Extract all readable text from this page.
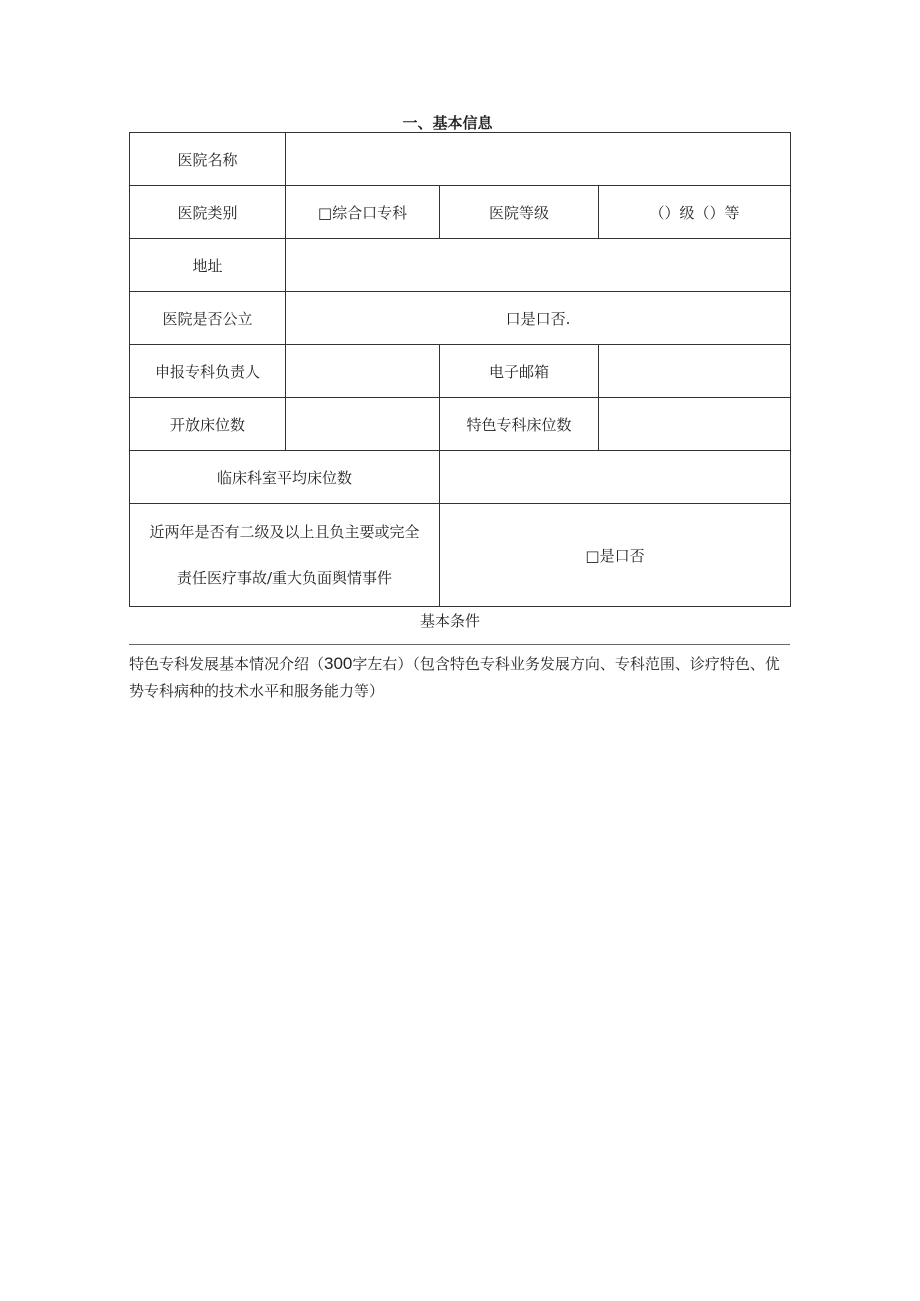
一、基本信息
医院名称			
医院类别	□综合口专科	医院等级	（）级（）等
地址			
医院是否公立	口是口否.		
申报专科负责人		电子邮箱	
开放床位数		特色专科床位数	
临床科室平均床位数			

近两年是否有二级及以上且负主要或完全
责任医疗事故/重大负面舆情事件		□是口否	
基本条件
特色专科发展基本情况介绍（300字左右）（包含特色专科业务发展方向、专科范围、诊疗特色、优势专科病种的技术水平和服务能力等）
